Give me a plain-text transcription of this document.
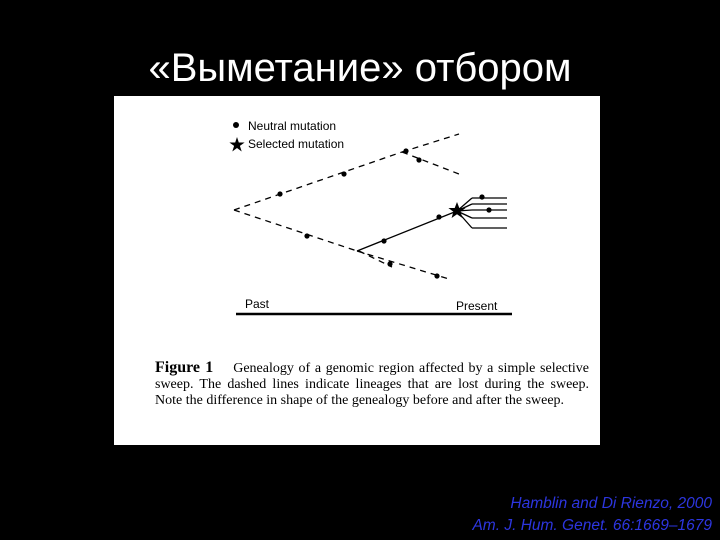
«Выметание» отбором
Neutral mutation
Selected mutation
Past	Present
Figure 1 Genealogy of a genomic region affected by a simple selective sweep. The dashed lines indicate lineages that are lost during the sweep. Note the difference in shape of the genealogy before and after the sweep.
Hamblin and Di Rienzo, 2000
Am. J. Hum. Genet. 66:1669–1679
